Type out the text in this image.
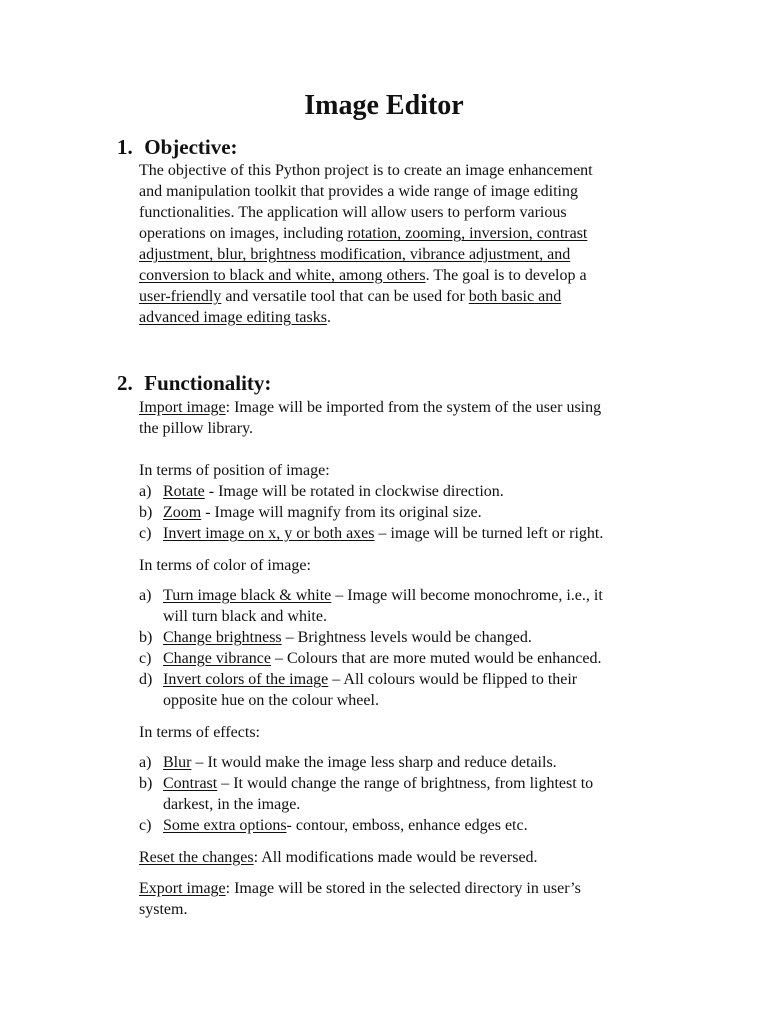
Image Editor
1. Objective:
The objective of this Python project is to create an image enhancement
and manipulation toolkit that provides a wide range of image editing
functionalities. The application will allow users to perform various
operations on images, including rotation, zooming, inversion, contrast
adjustment, blur, brightness modification, vibrance adjustment, and
conversion to black and white, among others. The goal is to develop a
user-friendly and versatile tool that can be used for both basic and
advanced image editing tasks.
2. Functionality:
Import image: Image will be imported from the system of the user using
the pillow library.
In terms of position of image:
a) Rotate - Image will be rotated in clockwise direction.
b) Zoom - Image will magnify from its original size.
c) Invert image on x, y or both axes – image will be turned left or right.
In terms of color of image:
a) Turn image black & white – Image will become monochrome, i.e., it
will turn black and white.
b) Change brightness – Brightness levels would be changed.
c) Change vibrance – Colours that are more muted would be enhanced.
d) Invert colors of the image – All colours would be flipped to their
opposite hue on the colour wheel.
In terms of effects:
a) Blur – It would make the image less sharp and reduce details.
b) Contrast – It would change the range of brightness, from lightest to
darkest, in the image.
c) Some extra options- contour, emboss, enhance edges etc.
Reset the changes: All modifications made would be reversed.
Export image: Image will be stored in the selected directory in user’s
system.
